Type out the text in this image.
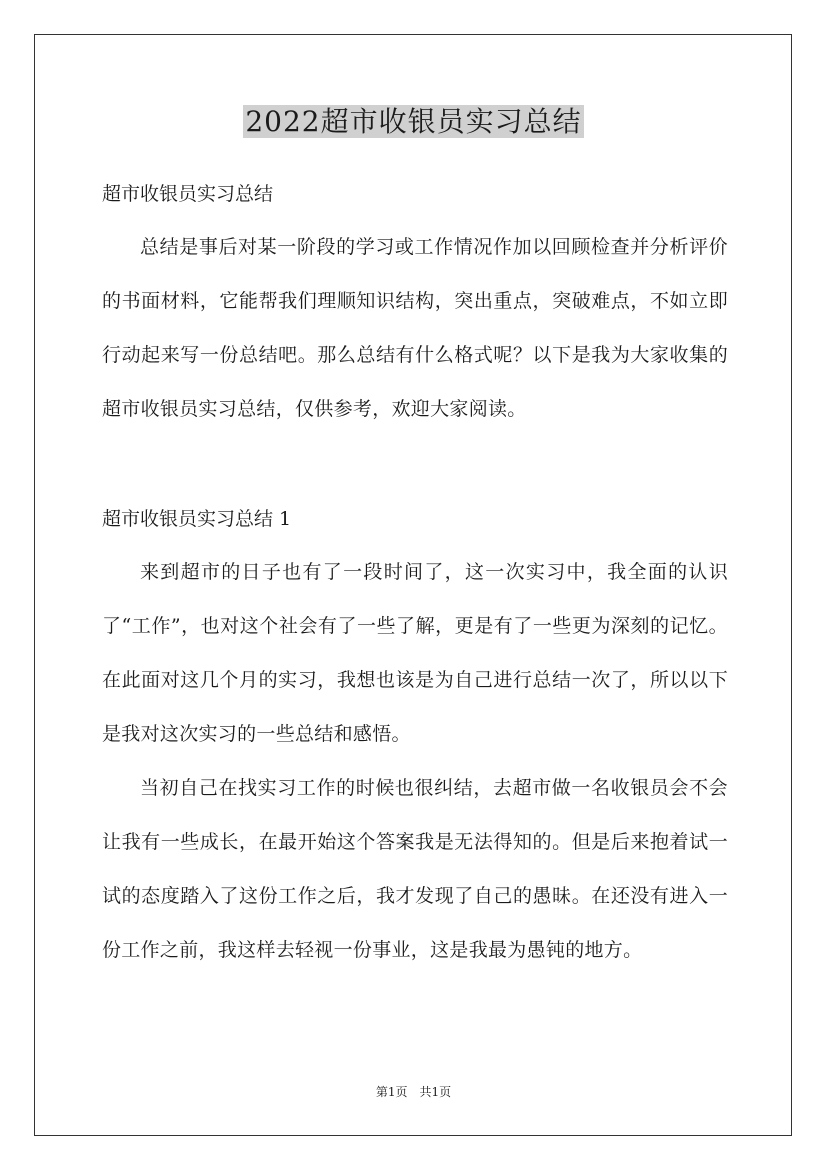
2022超市收银员实习总结
超市收银员实习总结

总结是事后对某一阶段的学习或工作情况作加以回顾检查并分析评价的书面材料，它能帮我们理顺知识结构，突出重点，突破难点，不如立即行动起来写一份总结吧。那么总结有什么格式呢？以下是我为大家收集的超市收银员实习总结，仅供参考，欢迎大家阅读。

超市收银员实习总结 1

来到超市的日子也有了一段时间了，这一次实习中，我全面的认识了“工作”，也对这个社会有了一些了解，更是有了一些更为深刻的记忆。在此面对这几个月的实习，我想也该是为自己进行总结一次了，所以以下是我对这次实习的一些总结和感悟。

当初自己在找实习工作的时候也很纠结，去超市做一名收银员会不会让我有一些成长，在最开始这个答案我是无法得知的。但是后来抱着试一试的态度踏入了这份工作之后，我才发现了自己的愚昧。在还没有进入一份工作之前，我这样去轻视一份事业，这是我最为愚钝的地方。

第1页　共1页
